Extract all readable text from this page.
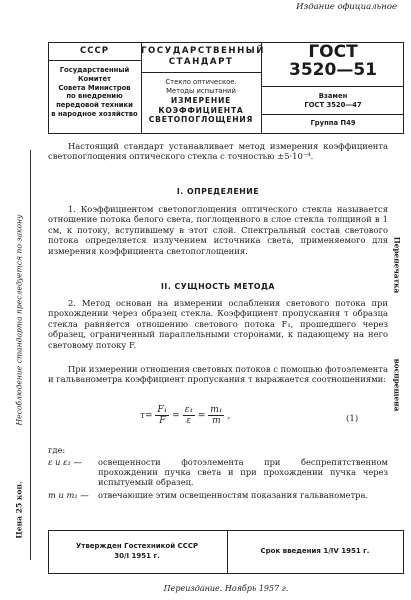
Издание официальное
СССР
Государственный
Комитет
Совета Министров
по внедрению
передовой техники
в народное хозяйство
ГОСУДАРСТВЕННЫЙ
СТАНДАРТ
Стекло оптическое.
Методы испытаний
ИЗМЕРЕНИЕ
КОЭФФИЦИЕНТА
СВЕТОПОГЛОЩЕНИЯ
ГОСТ
3520—51
Взамен
ГОСТ 3520—47
Группа П49
Несоблюдение стандарта преследуется по закону
Цена 25 коп.
Перепечатка
воспрещена
Настоящий стандарт устанавливает метод измерения коэффициента светопоглощения оптического стекла с точностью ±5·10⁻⁴.
I. ОПРЕДЕЛЕНИЕ
1. Коэффициентом светопоглощения оптического стекла называется отношение потока белого света, поглощенного в слое стекла толщиной в 1 см, к потоку, вступившему в этот слой. Спектральный состав светового потока определяется излучением источника света, применяемого для измерения коэффициента светопоглощения.
II. СУЩНОСТЬ МЕТОДА
2. Метод основан на измерении ослабления светового потока при прохождении через образец стекла. Коэффициент пропускания τ образца стекла равняется отношению светового потока F₁, прошедшего через образец, ограниченный параллельными сторонами, к падающему на него световому потоку F.
При измерении отношения световых потоков с помощью фотоэлемента и гальванометра коэффициент пропускания τ выражается соотношениями:
$\tau= \frac{\text{F₁}}{F} = \frac{\text{ε₁}}{\varepsilon} = \frac{\text{m₁}}{m}$ ,	(1)
где:
ε и ε₁ —	освещенности фотоэлемента при беспрепятственном прохождении пучка света и при прохождении пучка через испытуемый образец.
m и m₁ —	отвечающие этим освещенностям показания гальванометра.
Утвержден Гостехникой СССР
30/I 1951 г.
Срок введения 1/IV 1951 г.
Переиздание. Ноябрь 1957 г.
